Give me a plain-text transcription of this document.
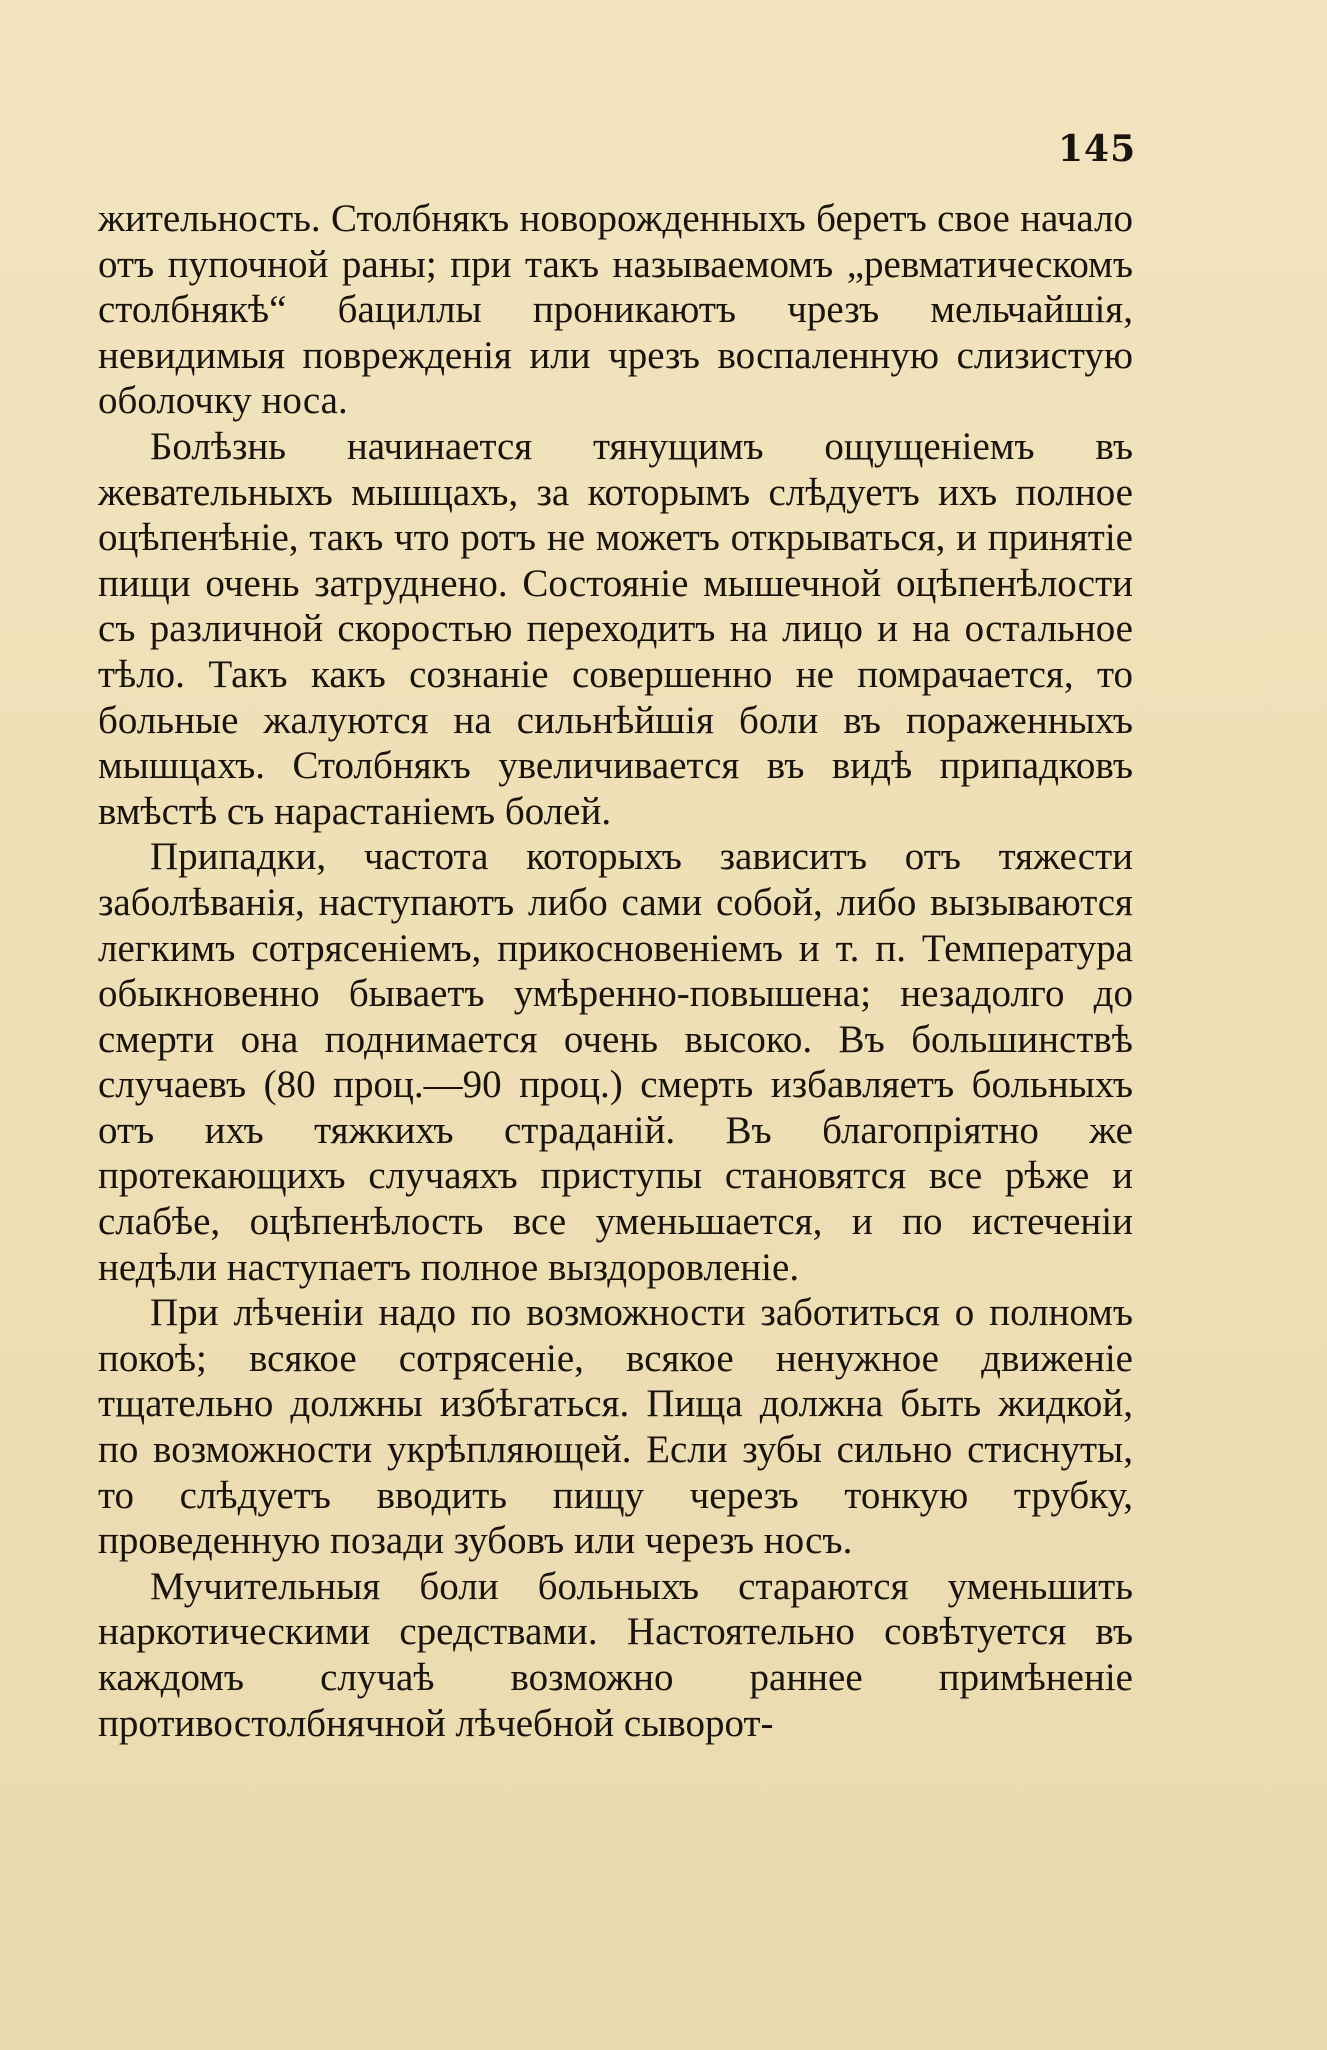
145

жительность. Столбнякъ новорожденныхъ беретъ свое начало отъ пупочной раны; при такъ называемомъ „ревматическомъ столбнякѣ“ бациллы проникаютъ чрезъ мельчайшія, невидимыя поврежденія или чрезъ воспаленную слизистую оболочку носа.

Болѣзнь начинается тянущимъ ощущеніемъ въ жевательныхъ мышцахъ, за которымъ слѣдуетъ ихъ полное оцѣпенѣніе, такъ что ротъ не можетъ открываться, и принятіе пищи очень затруднено. Состояніе мышечной оцѣпенѣлости съ различной скоростью переходитъ на лицо и на остальное тѣло. Такъ какъ сознаніе совершенно не помрачается, то больные жалуются на сильнѣйшія боли въ пораженныхъ мышцахъ. Столбнякъ увеличивается въ видѣ припадковъ вмѣстѣ съ нарастаніемъ болей.

Припадки, частота которыхъ зависитъ отъ тяжести заболѣванія, наступаютъ либо сами собой, либо вызываются легкимъ сотрясеніемъ, прикосновеніемъ и т. п. Температура обыкновенно бываетъ умѣренно-повышена; незадолго до смерти она поднимается очень высоко. Въ большинствѣ случаевъ (80 проц.—90 проц.) смерть избавляетъ больныхъ отъ ихъ тяжкихъ страданій. Въ благопріятно же протекающихъ случаяхъ приступы становятся все рѣже и слабѣе, оцѣпенѣлость все уменьшается, и по истеченіи недѣли наступаетъ полное выздоровленіе.

При лѣченіи надо по возможности заботиться о полномъ покоѣ; всякое сотрясеніе, всякое ненужное движеніе тщательно должны избѣгаться. Пища должна быть жидкой, по возможности укрѣпляющей. Если зубы сильно стиснуты, то слѣдуетъ вводить пищу черезъ тонкую трубку, проведенную позади зубовъ или черезъ носъ.

Мучительныя боли больныхъ стараются уменьшить наркотическими средствами. Настоятельно совѣтуется въ каждомъ случаѣ возможно раннее примѣненіе противостолбнячной лѣчебной сыворот-
